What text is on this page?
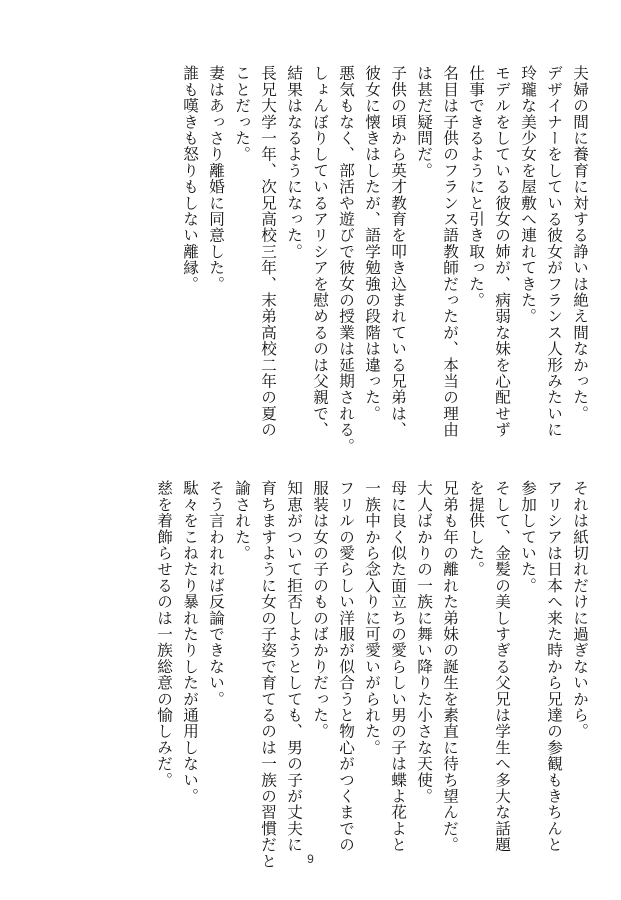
夫婦の間に養育に対する諍いは絶え間なかった。
デザイナーをしている彼女がフランス人形みたいに
玲瓏な美少女を屋敷へ連れてきた。
モデルをしている彼女の姉が、病弱な妹を心配せず
仕事できるようにと引き取った。
名目は子供のフランス語教師だったが、本当の理由
は甚だ疑問だ。
子供の頃から英才教育を叩き込まれている兄弟は、
彼女に懐きはしたが、語学勉強の段階は違った。
悪気もなく、部活や遊びで彼女の授業は延期される。
しょんぼりしているアリシアを慰めるのは父親で、
結果はなるようになった。
長兄大学一年、次兄高校三年、末弟高校二年の夏の
ことだった。
妻はあっさり離婚に同意した。
誰も嘆きも怒りもしない離縁。
それは紙切れだけに過ぎないから。
アリシアは日本へ来た時から兄達の参観もきちんと
参加していた。
そして、金髪の美しすぎる父兄は学生へ多大な話題
を提供した。
兄弟も年の離れた弟妹の誕生を素直に待ち望んだ。
大人ばかりの一族に舞い降りた小さな天使。
母に良く似た面立ちの愛らしい男の子は蝶よ花よと
一族中から念入りに可愛いがられた。
フリルの愛らしい洋服が似合うと物心がつくまでの
服装は女の子のものばかりだった。
知恵がついて拒否しようとしても、男の子が丈夫に
育ちますように女の子姿で育てるのは一族の習慣だと
諭された。
そう言われれば反論できない。
駄々をこねたり暴れたりしたが通用しない。
慈を着飾らせるのは一族総意の愉しみだ。
9
